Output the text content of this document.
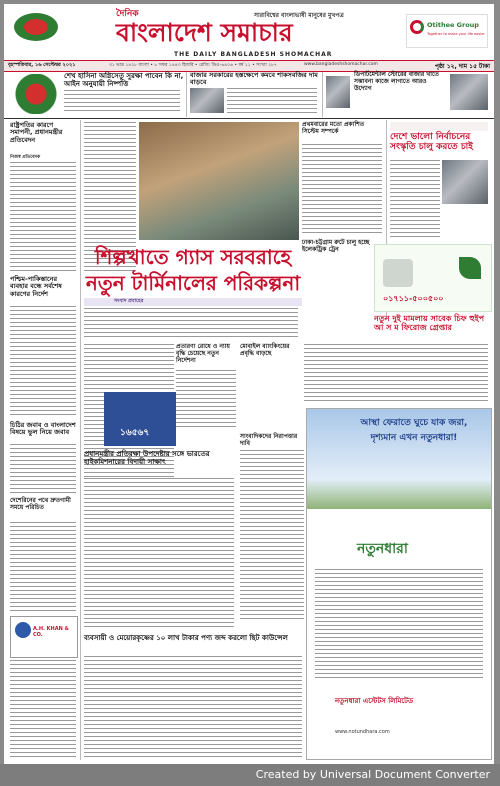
দৈনিক
বাংলাদেশ সমাচার
সারাবিশ্বের বাংলাভাষী মানুষের মুখপত্র
THE DAILY BANGLADESH SHOMACHAR
Otithee Group
Together to make your life easier
বৃহস্পতিবার, ১৬ সেপ্টেম্বর ২০২১	৩১ ভাদ্র ১৪২৮ বাংলা • ৮ সফর ১৪৪৩ হিজরি • রেজি: ডিএ-৬৪০৬ • বর্ষ ১১ • সংখ্যা ২৮৭	www.bangladeshshomachar.com	পৃষ্ঠা ১২, দাম ১৫ টাকা
শেখ হাসিনা অগ্নিসেতু সুরক্ষা পাবেন কি না, আইন অনুযায়ী নিষ্পত্তি
বাজার সরকারের হস্তক্ষেপে কমবে শাকসবজির দাম বাড়বে
ডিপার্টমেন্টাল স্টোরের বাজার খাতে সম্ভাবনা কাজে লাগাতে আরও উদ্যোগ
রাষ্ট্রপতির কারণে সমাপনী, প্রধানমন্ত্রীর প্রতিবেদন
নিজস্ব প্রতিবেদক
পশ্চিম-পাকিস্তানের ব্যবহার বন্ধে সর্বশেষ কারণের নির্দেশ
চিঠির জবাব ও বাংলাদেশ বিষয়ে ভুল নিয়ে জবাব
দেশেরিনের পথে দ্রুতগামী সময়ে পরিচিত
A.H. KHAN & CO.
প্রথমবারের মতো প্রকাশিত সিস্টেম সম্পর্কে
ঢাকা-চট্টগ্রাম রুটে চালু হচ্ছে ইলেকট্রিক ট্রেন
শিল্পখাতে গ্যাস সরবরাহে
নতুন টার্মিনালের পরিকল্পনা
দেশে ভালো নির্বাচনের সংস্কৃতি চালু করতে চাই
০১৭১১-৫০০৫০০
নতুন দুই মামলায় সাবেক চিফ হুইপ আ স ম ফিরোজ গ্রেপ্তার
সংবাদ প্রবাহের
প্রতারণা রোধে ও ন্যায় বৃদ্ধি চেয়েছে নতুন নির্দেশনা
মোবাইল ব্যাংকিংয়ের প্রবৃদ্ধি বাড়ছে
১৬৫৬৭
প্রধানমন্ত্রীর প্রতিরক্ষা উপদেষ্টার সঙ্গে ভারতের হাইকমিশনারের বিদায়ী সাক্ষাৎ
সাংবাদিকদের নিরাপত্তার দাবি
আস্থা ফেরাতে ঘুচে যাক জরা, দৃশ্যমান এখন নতুনধারা!
নতুনধারা
নতুনধারা এস্টেটস লিমিটেড
www.notundhara.com
ব্যবসায়ী ও মেয়োরকৃষ্ণের ১০ লাখ টাকার পণ্য জব্দ করলো ছিট কাউন্সেল
Created by Universal Document Converter
